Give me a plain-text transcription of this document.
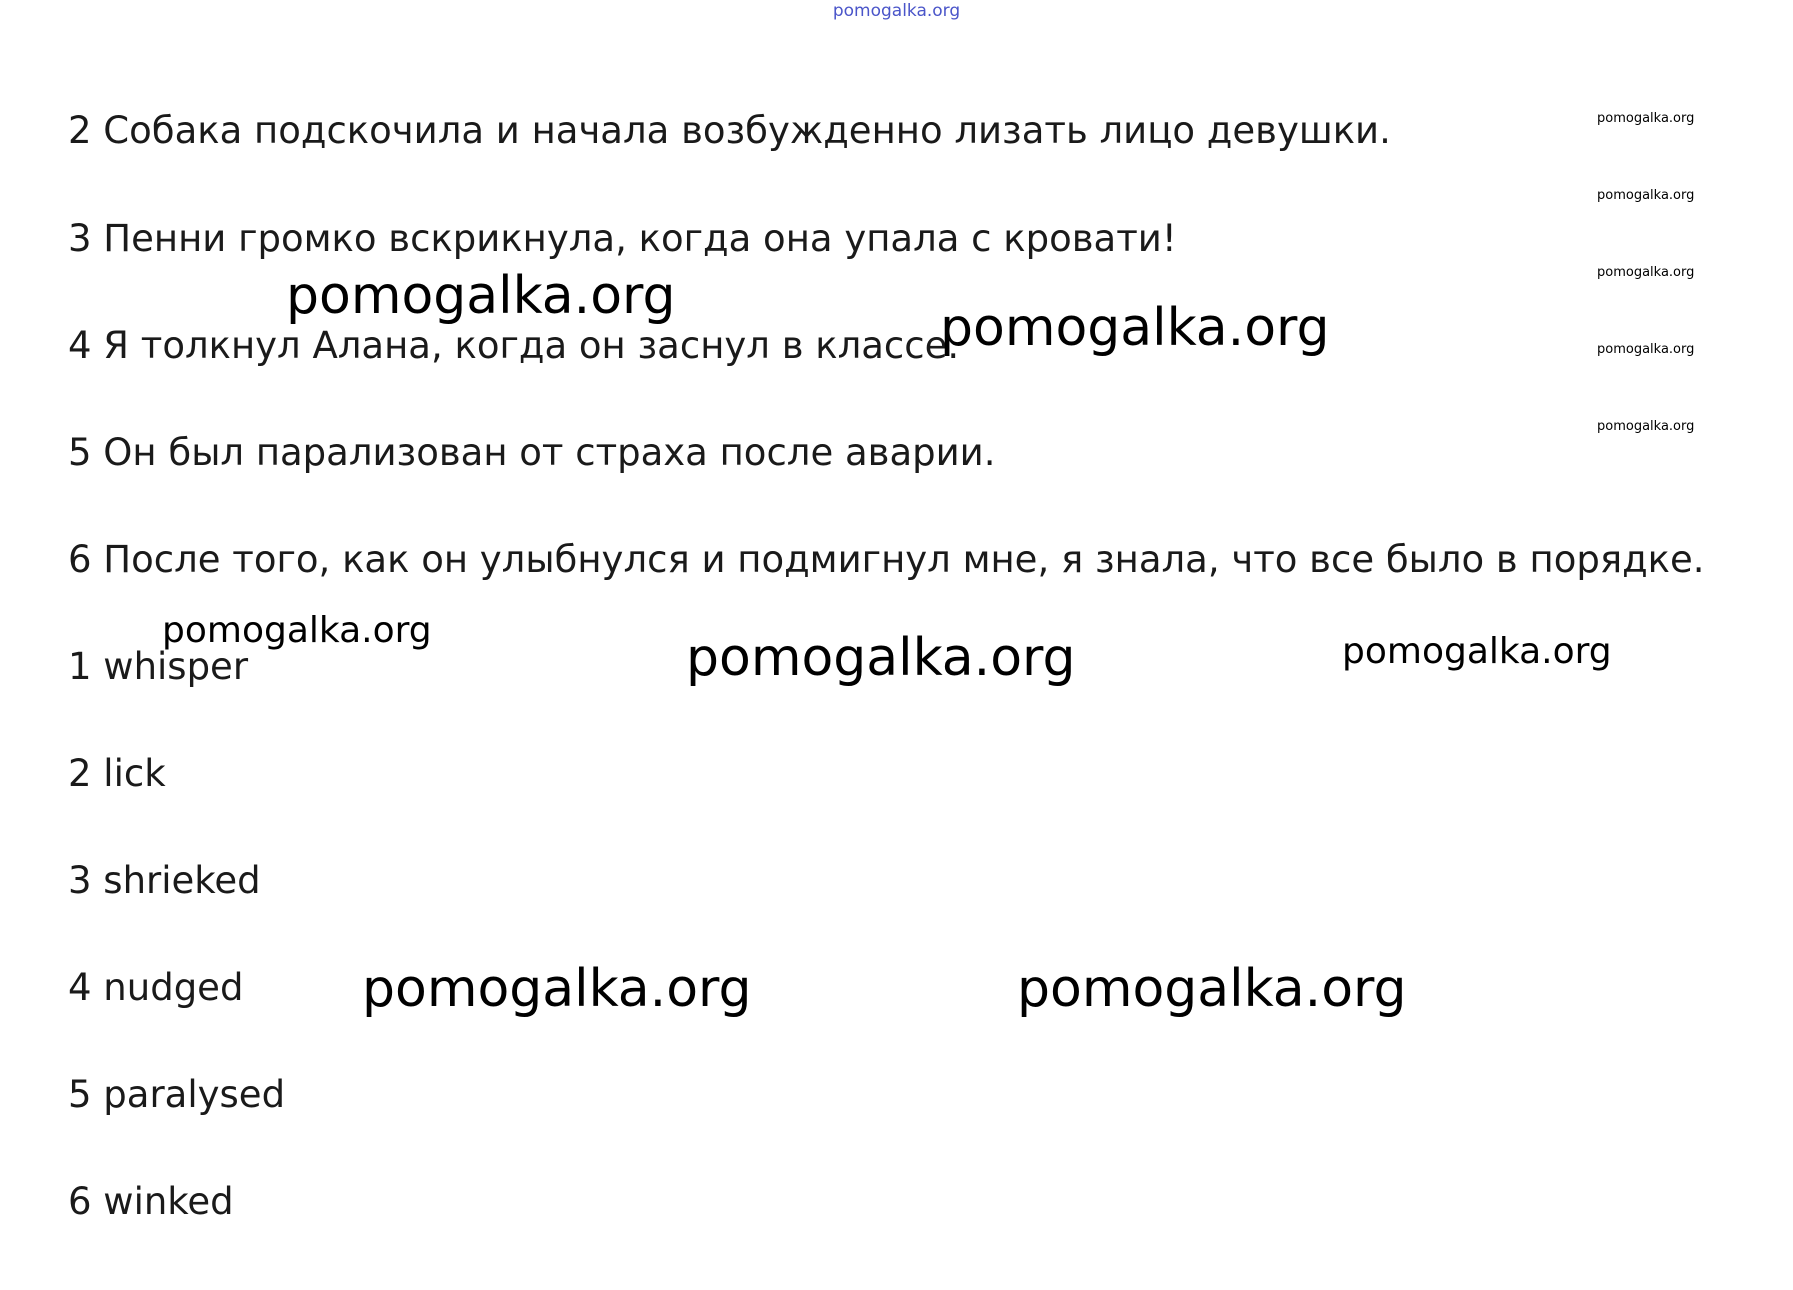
pomogalka.org
2 Собака подскочила и начала возбужденно лизать лицо девушки.
3 Пенни громко вскрикнула, когда она упала с кровати!
4 Я толкнул Алана, когда он заснул в классе.
5 Он был парализован от страха после аварии.
6 После того, как он улыбнулся и подмигнул мне, я знала, что все было в порядке.
1 whisper
2 lick
3 shrieked
4 nudged
5 paralysed
6 winked
pomogalka.org
pomogalka.org
pomogalka.org
pomogalka.org	pomogalka.org
pomogalka.org
pomogalka.org
pomogalka.org
pomogalka.org
pomogalka.org
pomogalka.org
pomogalka.org
